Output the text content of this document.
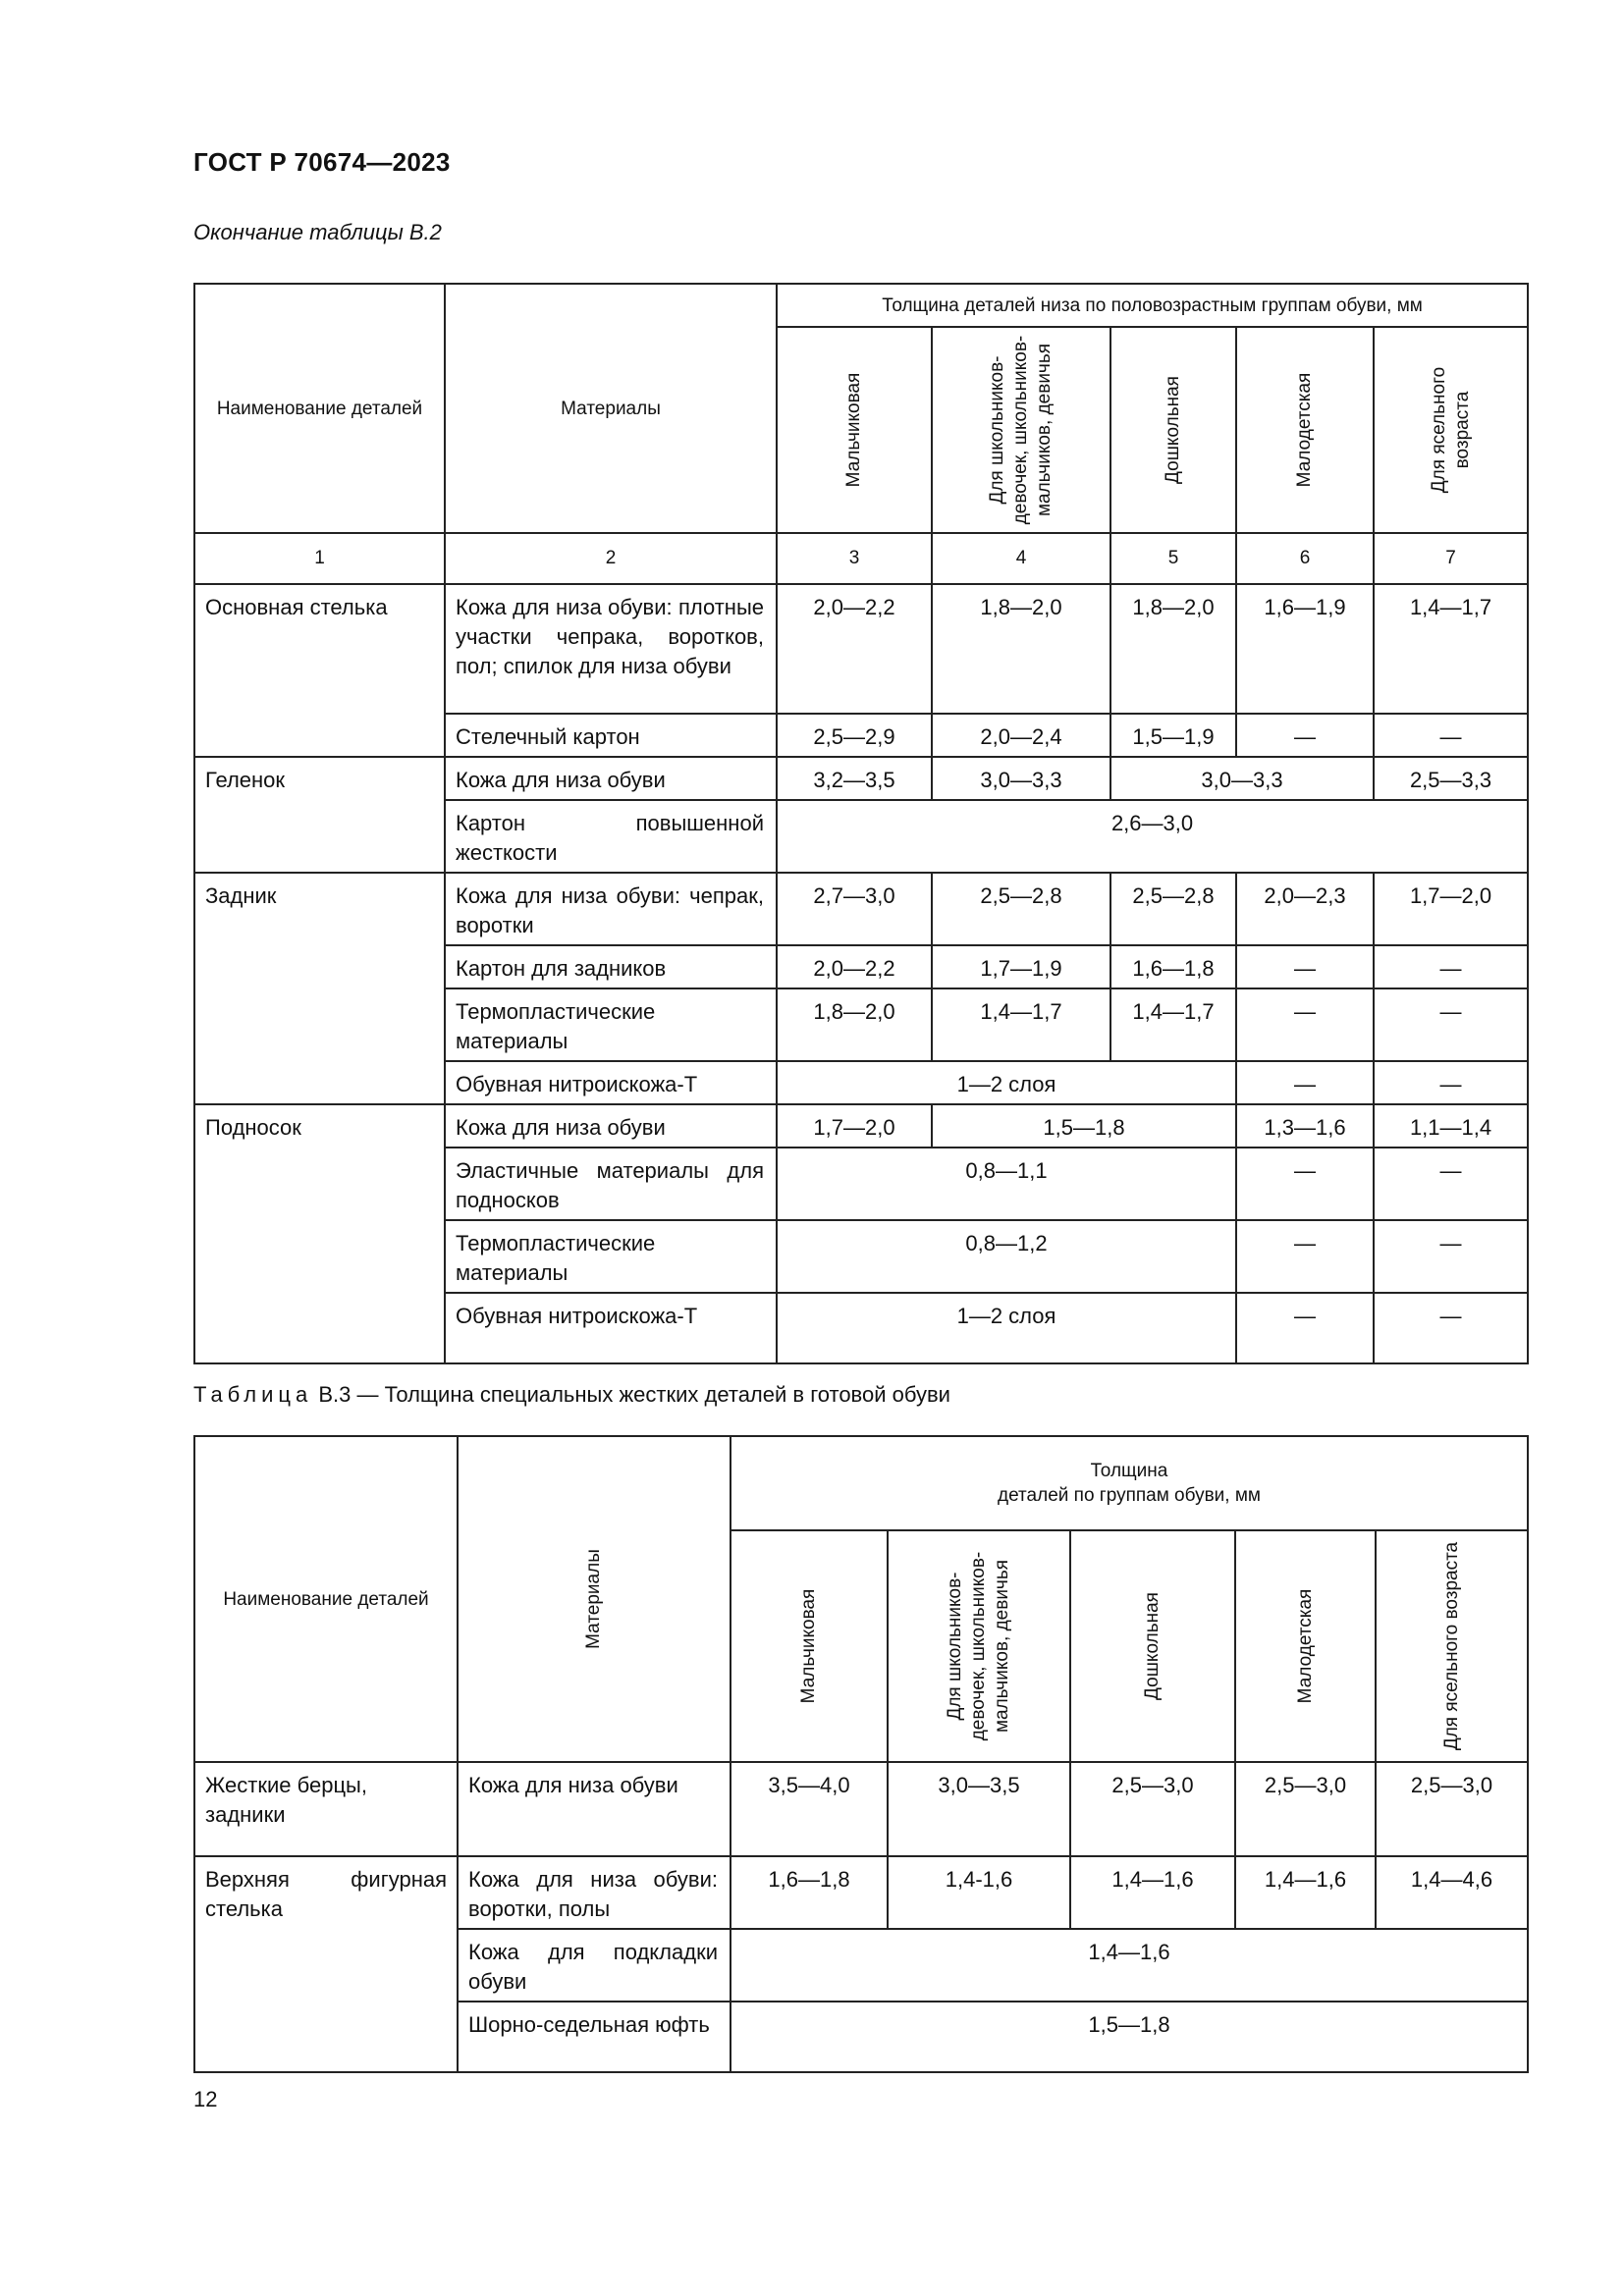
ГОСТ Р 70674—2023
Окончание таблицы В.2
Наименование деталей	Материалы	Толщина деталей низа по половозрастным группам обуви, мм				

		Мальчиковая	Для школьников-девочек, школьников-мальчиков, девичья	Дошкольная	Малодетская	Для ясельного возраста

1	2	3	4	5	6	7
Основная стелька	Кожа для низа обуви: плотные участки чепрака, воротков, пол; спилок для низа обуви	2,0—2,2	1,8—2,0	1,8—2,0	1,6—1,9	1,4—1,7
	Стелечный картон	2,5—2,9	2,0—2,4	1,5—1,9	—	—
Геленок	Кожа для низа обуви	3,2—3,5	3,0—3,3	3,0—3,3		2,5—3,3
	Картон повышенной жесткости	2,6—3,0				
Задник	Кожа для низа обуви: чепрак, воротки	2,7—3,0	2,5—2,8	2,5—2,8	2,0—2,3	1,7—2,0
	Картон для задников	2,0—2,2	1,7—1,9	1,6—1,8	—	—
	Термопластические материалы	1,8—2,0	1,4—1,7	1,4—1,7	—	—
	Обувная нитроискожа-Т	1—2 слоя			—	—
Подносок	Кожа для низа обуви	1,7—2,0	1,5—1,8		1,3—1,6	1,1—1,4

	Эластичные материалы для подносков	0,8—1,1			—	—
	Термопластические материалы	0,8—1,2			—	—
	Обувная нитроискожа-Т	1—2 слоя			—	—
Таблица В.3 — Толщина специальных жестких деталей в готовой обуви
Наименование деталей	Материалы	Толщина
деталей по группам обуви, мм				

		Мальчиковая	Для школьников-девочек, школьников-мальчиков, девичья	Дошкольная	Малодетская	Для ясельного возраста

Жесткие берцы, задники	Кожа для низа обуви	3,5—4,0	3,0—3,5	2,5—3,0	2,5—3,0	2,5—3,0

Верхняя фигурная стелька	Кожа для низа обуви: воротки, полы	1,6—1,8	1,4-1,6	1,4—1,6	1,4—1,6	1,4—4,6
	Кожа для подкладки обуви	1,4—1,6				
	Шорно-седельная юфть	1,5—1,8				
12
